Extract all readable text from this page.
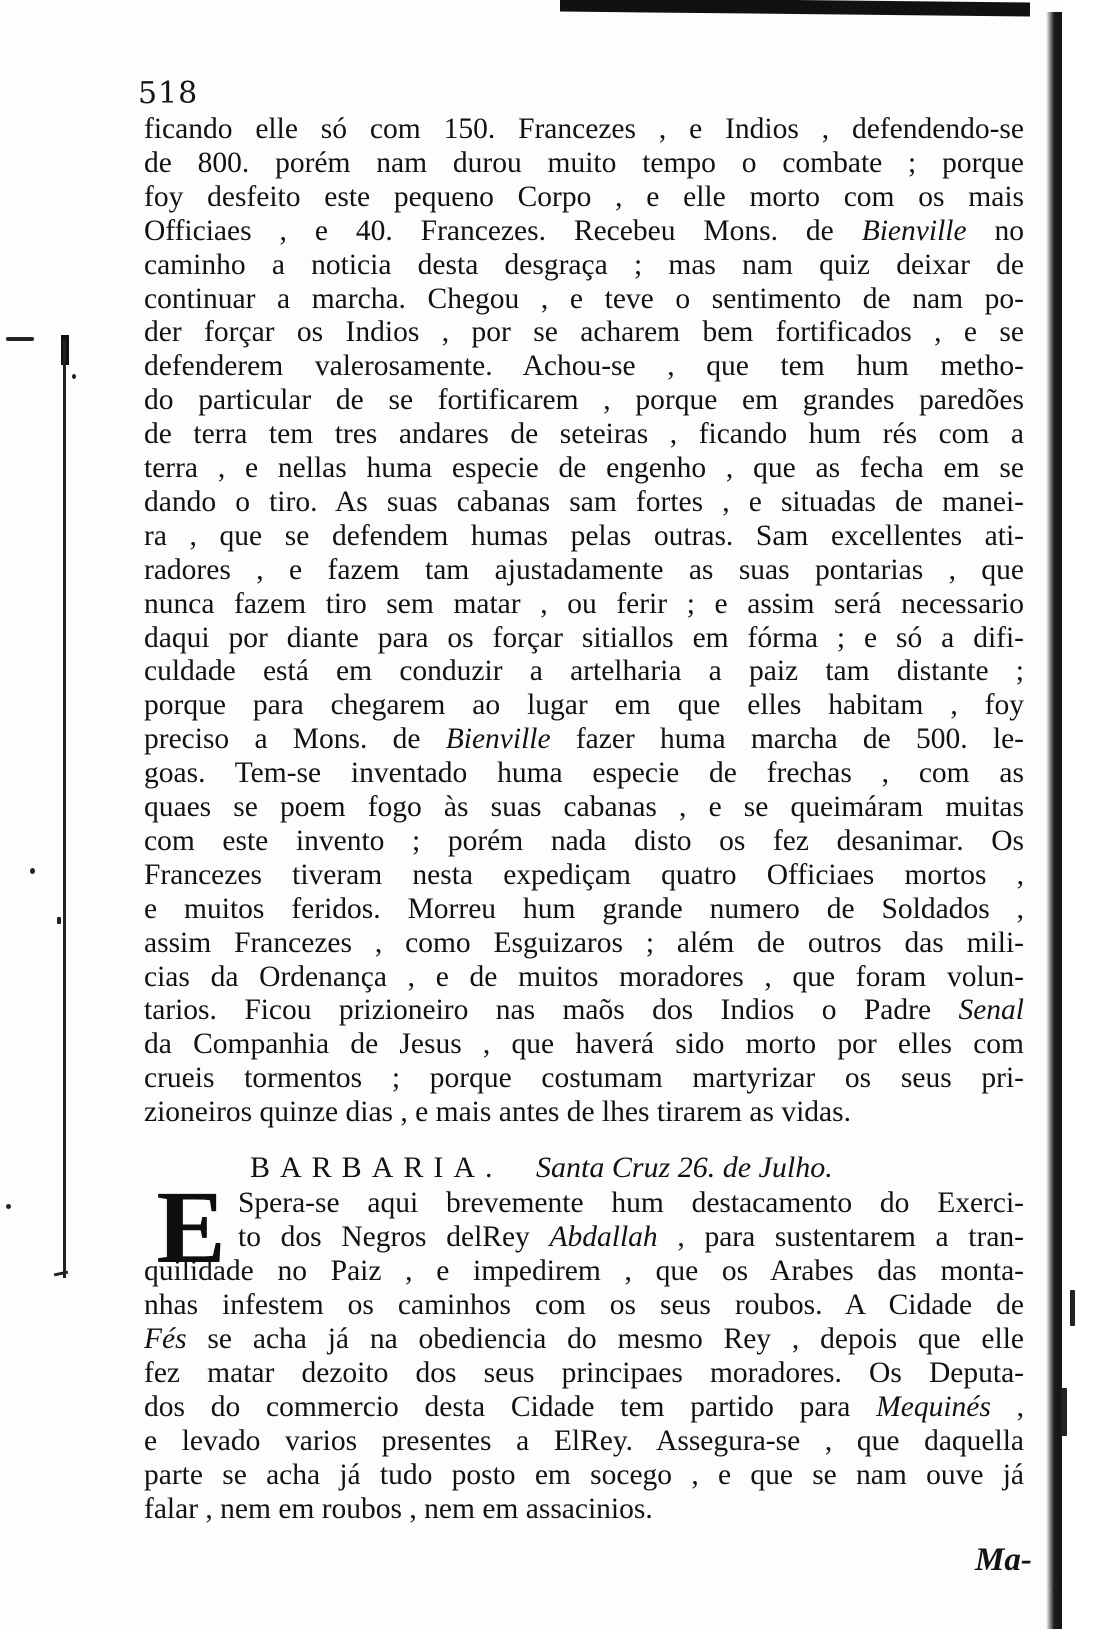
518
ficando elle só com 150. Francezes , e Indios , defendendo-se
de 800. porém nam durou muito tempo o combate ; porque
foy desfeito este pequeno Corpo , e elle morto com os mais
Officiaes , e 40. Francezes. Recebeu Mons. de Bienville no
caminho a noticia desta desgraça ; mas nam quiz deixar de
continuar a marcha. Chegou , e teve o sentimento de nam po-
der forçar os Indios , por se acharem bem fortificados , e se
defenderem valerosamente. Achou-se , que tem hum metho-
do particular de se fortificarem , porque em grandes paredões
de terra tem tres andares de seteiras , ficando hum rés com a
terra , e nellas huma especie de engenho , que as fecha em se
dando o tiro. As suas cabanas sam fortes , e situadas de manei-
ra , que se defendem humas pelas outras. Sam excellentes ati-
radores , e fazem tam ajustadamente as suas pontarias , que
nunca fazem tiro sem matar , ou ferir ; e assim será necessario
daqui por diante para os forçar sitiallos em fórma ; e só a difi-
culdade está em conduzir a artelharia a paiz tam distante ;
porque para chegarem ao lugar em que elles habitam , foy
preciso a Mons. de Bienville fazer huma marcha de 500. le-
goas. Tem-se inventado huma especie de frechas , com as
quaes se poem fogo às suas cabanas , e se queimáram muitas
com este invento ; porém nada disto os fez desanimar. Os
Francezes tiveram nesta expediçam quatro Officiaes mortos ,
e muitos feridos. Morreu hum grande numero de Soldados ,
assim Francezes , como Esguizaros ; além de outros das mili-
cias da Ordenança , e de muitos moradores , que foram volun-
tarios. Ficou prizioneiro nas maõs dos Indios o Padre Senal
da Companhia de Jesus , que haverá sido morto por elles com
crueis tormentos ; porque costumam martyrizar os seus pri-
zioneiros quinze dias , e mais antes de lhes tirarem as vidas.
BARBARIA. Santa Cruz 26. de Julho.
E Spera-se aqui brevemente hum destacamento do Exerci-
to dos Negros delRey Abdallah , para sustentarem a tran-
quilidade no Paiz , e impedirem , que os Arabes das monta-
nhas infestem os caminhos com os seus roubos. A Cidade de
Fés se acha já na obediencia do mesmo Rey , depois que elle
fez matar dezoito dos seus principaes moradores. Os Deputa-
dos do commercio desta Cidade tem partido para Mequinés ,
e levado varios presentes a ElRey. Assegura-se , que daquella
parte se acha já tudo posto em socego , e que se nam ouve já
falar , nem em roubos , nem em assacinios.
Ma-
